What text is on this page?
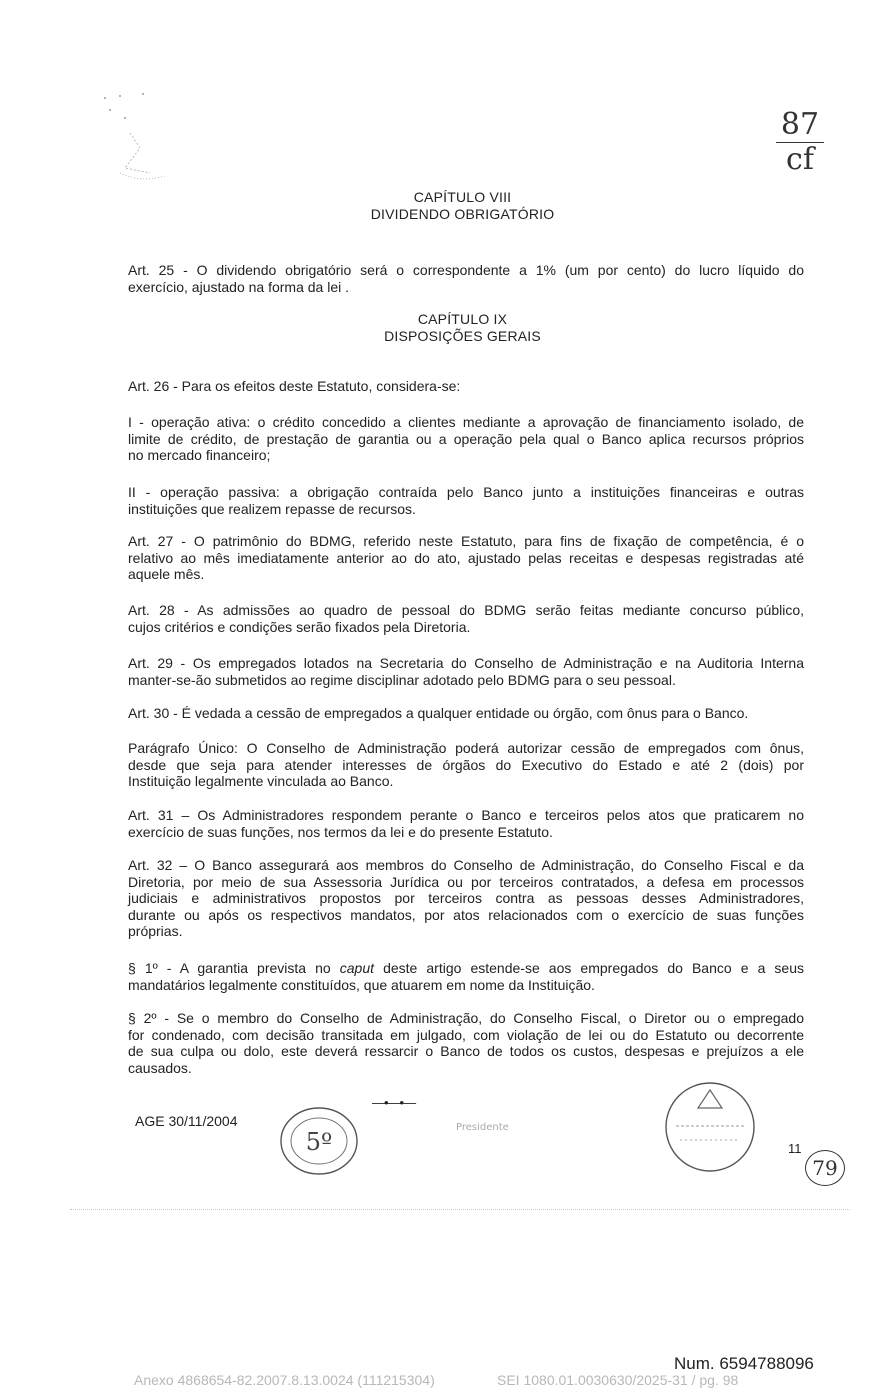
87
cf
CAPÍTULO VIII
DIVIDENDO OBRIGATÓRIO
Art. 25 - O dividendo obrigatório será o correspondente a 1% (um por cento) do lucro líquido do
exercício, ajustado na forma da lei .
CAPÍTULO IX
DISPOSIÇÕES GERAIS
Art. 26 - Para os efeitos deste Estatuto, considera-se:
I - operação ativa: o crédito concedido a clientes mediante a aprovação de financiamento isolado, de
limite de crédito, de prestação de garantia ou a operação pela qual o Banco aplica recursos próprios
no mercado financeiro;
II - operação passiva: a obrigação contraída pelo Banco junto a instituições financeiras e outras
instituições que realizem repasse de recursos.
Art. 27 - O patrimônio do BDMG, referido neste Estatuto, para fins de fixação de competência, é o
relativo ao mês imediatamente anterior ao do ato, ajustado pelas receitas e despesas registradas até
aquele mês.
Art. 28 - As admissões ao quadro de pessoal do BDMG serão feitas mediante concurso público,
cujos critérios e condições serão fixados pela Diretoria.
Art. 29 - Os empregados lotados na Secretaria do Conselho de Administração e na Auditoria Interna
manter-se-ão submetidos ao regime disciplinar adotado pelo BDMG para o seu pessoal.
Art. 30 - É vedada a cessão de empregados a qualquer entidade ou órgão, com ônus para o Banco.
Parágrafo Único: O Conselho de Administração poderá autorizar cessão de empregados com ônus,
desde que seja para atender interesses de órgãos do Executivo do Estado e até 2 (dois) por
Instituição legalmente vinculada ao Banco.
Art. 31 – Os Administradores respondem perante o Banco e terceiros pelos atos que praticarem no
exercício de suas funções, nos termos da lei e do presente Estatuto.
Art. 32 – O Banco assegurará aos membros do Conselho de Administração, do Conselho Fiscal e da
Diretoria, por meio de sua Assessoria Jurídica ou por terceiros contratados, a defesa em processos
judiciais e administrativos propostos por terceiros contra as pessoas desses Administradores,
durante ou após os respectivos mandatos, por atos relacionados com o exercício de suas funções
próprias.
§ 1º - A garantia prevista no caput deste artigo estende-se aos empregados do Banco e a seus
mandatários legalmente constituídos, que atuarem em nome da Instituição.
§ 2º - Se o membro do Conselho de Administração, do Conselho Fiscal, o Diretor ou o empregado
for condenado, com decisão transitada em julgado, com violação de lei ou do Estatuto ou decorrente
de sua culpa ou dolo, este deverá ressarcir o Banco de todos os custos, despesas e prejuízos a ele
causados.
—•—•—
AGE 30/11/2004
5º
Presidente
11
79
Num. 6594788096
Anexo 4868654-82.2007.8.13.0024 (111215304)	SEI 1080.01.0030630/2025-31 / pg. 98
